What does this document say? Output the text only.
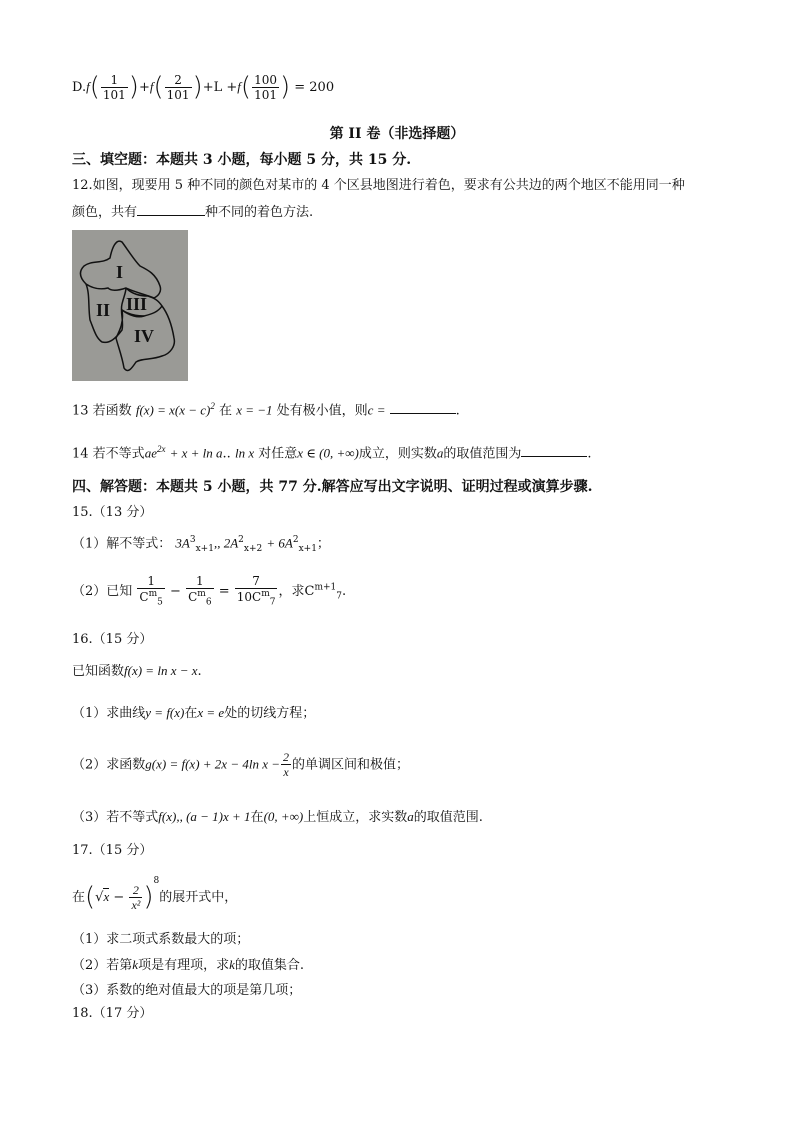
$D.f( \frac{1}{101} )+f( \frac{2}{101} )+L +f( \frac{100}{101}$ ) = 200
第 II 卷（非选择题）
三、填空题：本题共 3 小题，每小题 5 分，共 15 分.
12.如图，现要用 5 种不同的颜色对某市的 4 个区县地图进行着色，要求有公共边的两个地区不能用同一种
颜色，共有	种不同的着色方法.
I
II III
IV
13 若函数 $f(x) = x(x - c)^2$ 在 x = −1 处有极小值，则c =	.
14 若不等式$ae^{2x} + x + \ln a$.. ln x 对任意x ∈ (0, +∞)成立，则实数a的取值范围为	.
四、解答题：本题共 5 小题，共 77 分.解答应写出文字说明、证明过程或演算步骤.
15.（13 分）
（1）解不等式： $3A^3_{x+1}$,, $2A^2_{x+2} + 6A^2_{x+1}$；
（2）已知 $\frac{1}{C^m_5} - \frac{1}{C^m_6} = \frac{7}{10C^m_7}$ ，求$C^{m+1}_7$.
16.（15 分）
已知函数f(x) = ln x − x.
（1）求曲线y = f(x)在x = e处的切线方程；
（2）求函数g(x) = f(x) + 2x − 4ln $x - \frac{2}{x}$ 的单调区间和极值；
（3）若不等式f(x),, (a − 1)x + 1在(0, +∞)上恒成立，求实数a的取值范围.
17.（15 分）
在$(√x - \frac{2}{\text{x²}} )^8$的展开式中，
（1）求二项式系数最大的项；
（2）若第k项是有理项，求k的取值集合.
（3）系数的绝对值最大的项是第几项；
18.（17 分）
